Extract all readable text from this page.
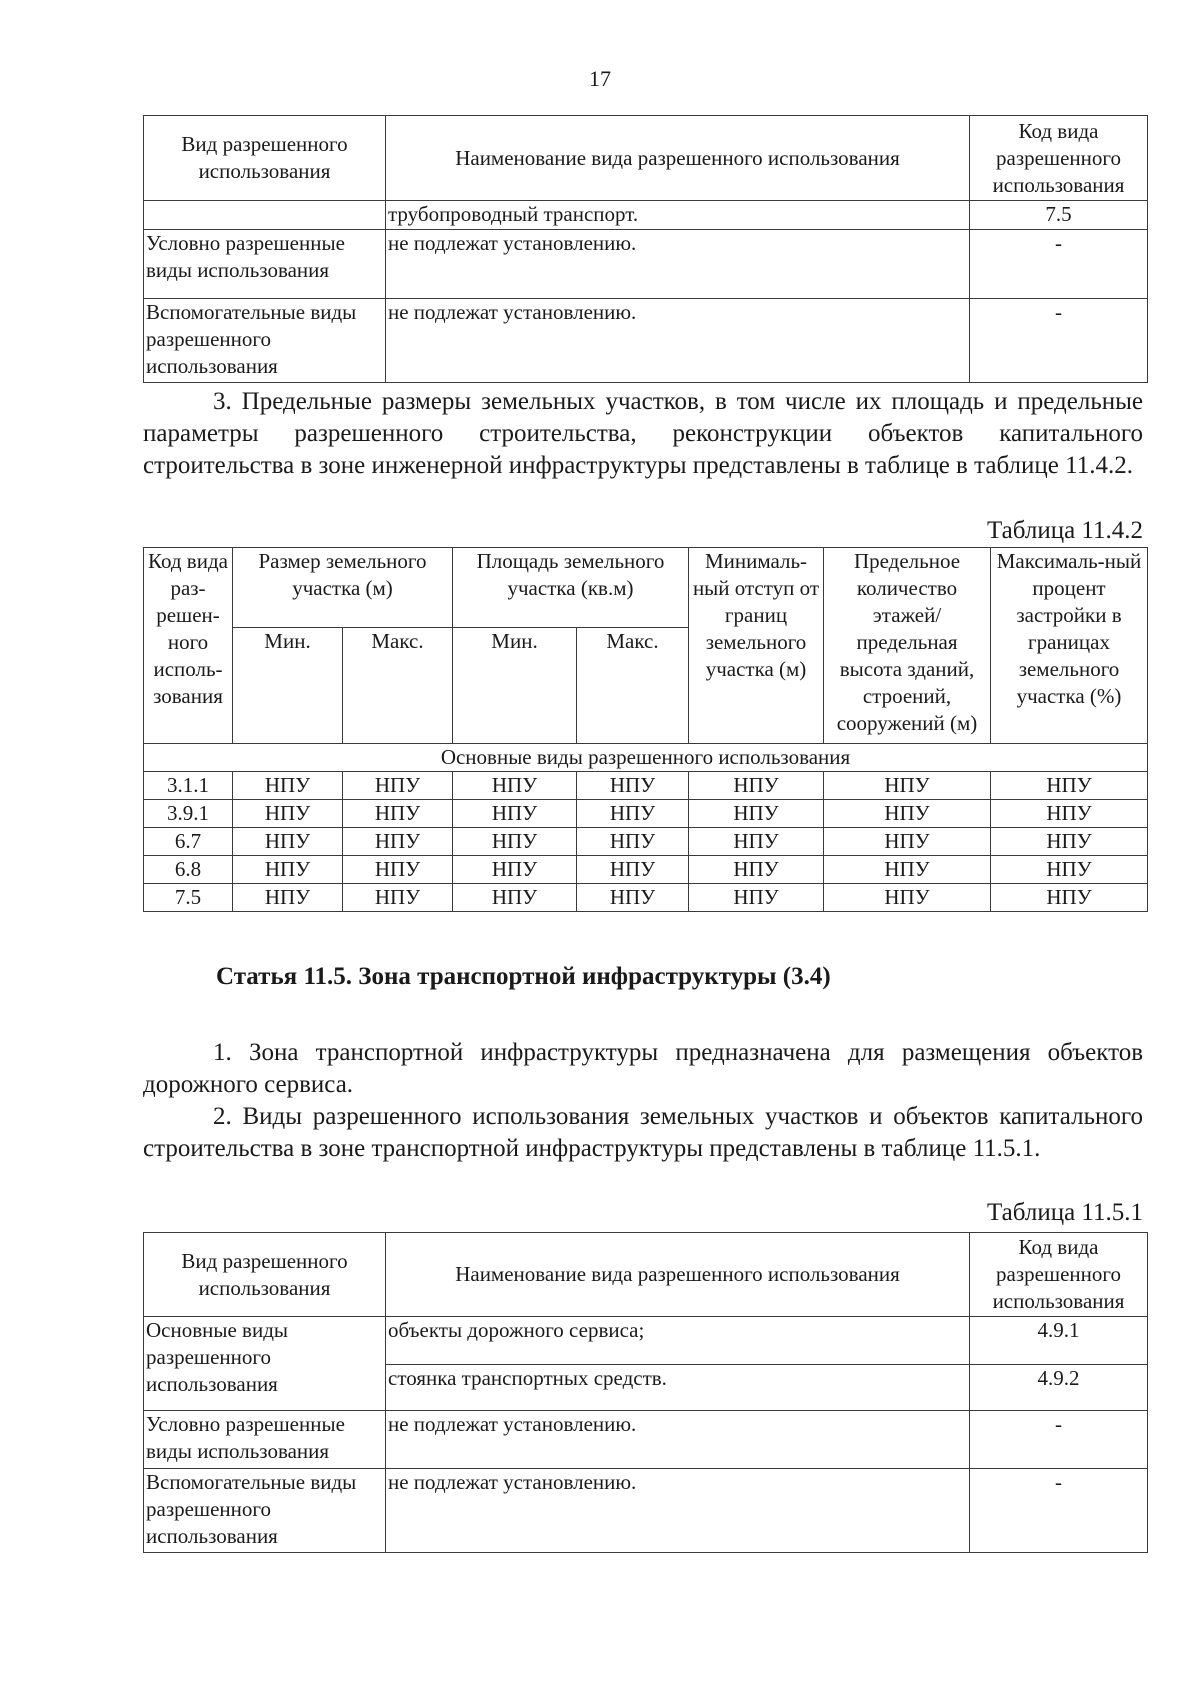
17
Вид разрешенного использования	Наименование вида разрешенного использования	Код вида разрешенного использования
	трубопроводный транспорт.	7.5
Условно разрешенные виды использования	не подлежат установлению.	-
Вспомогательные виды разрешенного использования	не подлежат установлению.	-

3. Предельные размеры земельных участков, в том числе их площадь и предельные параметры разрешенного строительства, реконструкции объектов капитального строительства в зоне инженерной инфраструктуры представлены в таблице в таблице 11.4.2.

Таблица 11.4.2
Код вида раз-решен-ного исполь-зования	Размер земельного участка (м)		Площадь земельного участка (кв.м)		Минималь-ный отступ от границ земельного участка (м)	Предельное количество этажей/ предельная высота зданий, строений, сооружений (м)	Максималь-ный процент застройки в границах земельного участка (%)
	Мин.	Макс.	Мин.	Макс.			
Основные виды разрешенного использования							
3.1.1	НПУ	НПУ	НПУ	НПУ	НПУ	НПУ	НПУ
3.9.1	НПУ	НПУ	НПУ	НПУ	НПУ	НПУ	НПУ
6.7	НПУ	НПУ	НПУ	НПУ	НПУ	НПУ	НПУ
6.8	НПУ	НПУ	НПУ	НПУ	НПУ	НПУ	НПУ
7.5	НПУ	НПУ	НПУ	НПУ	НПУ	НПУ	НПУ
Статья 11.5. Зона транспортной инфраструктуры (3.4)

1. Зона транспортной инфраструктуры предназначена для размещения объектов дорожного сервиса.

2. Виды разрешенного использования земельных участков и объектов капитального строительства в зоне транспортной инфраструктуры представлены в таблице 11.5.1.

Таблица 11.5.1
Вид разрешенного использования	Наименование вида разрешенного использования	Код вида разрешенного использования
Основные виды разрешенного использования	объекты дорожного сервиса;	4.9.1
	стоянка транспортных средств.	4.9.2
Условно разрешенные виды использования	не подлежат установлению.	-
Вспомогательные виды разрешенного использования	не подлежат установлению.	-
